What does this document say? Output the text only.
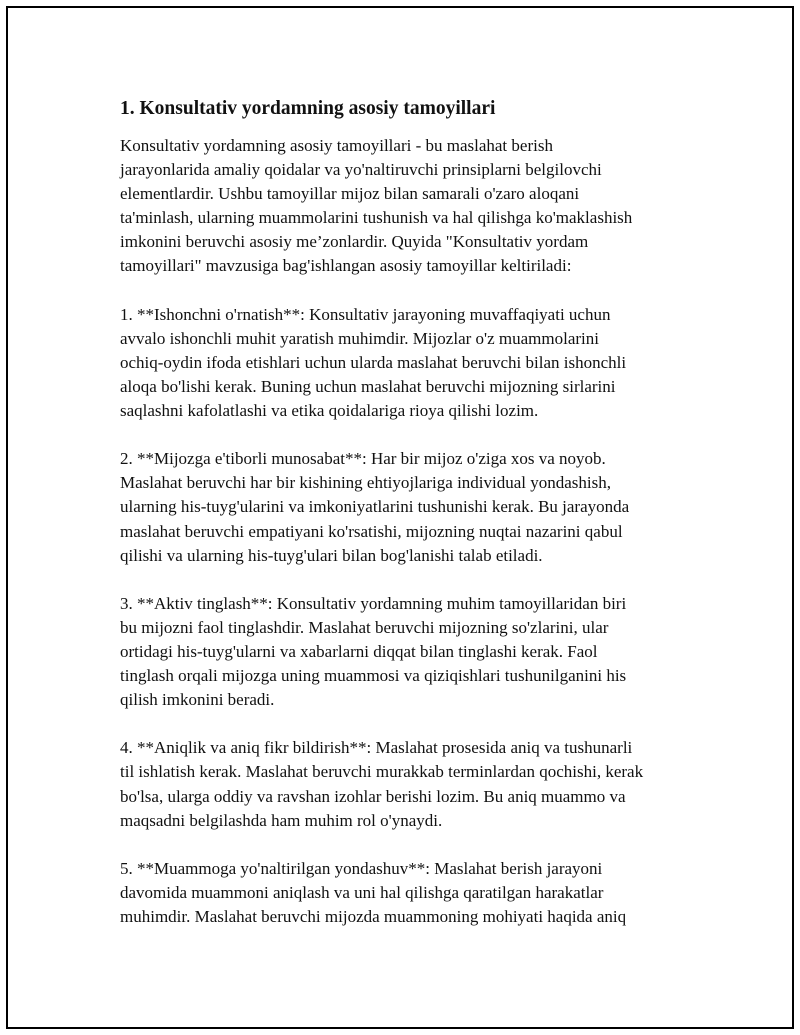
1. Konsultativ yordamning asosiy tamoyillari
Konsultativ yordamning asosiy tamoyillari - bu maslahat berish
jarayonlarida amaliy qoidalar va yo'naltiruvchi prinsiplarni belgilovchi
elementlardir. Ushbu tamoyillar mijoz bilan samarali o'zaro aloqani
ta'minlash, ularning muammolarini tushunish va hal qilishga ko'maklashish
imkonini beruvchi asosiy me’zonlardir. Quyida "Konsultativ yordam
tamoyillari" mavzusiga bag'ishlangan asosiy tamoyillar keltiriladi:
1. **Ishonchni o'rnatish**: Konsultativ jarayoning muvaffaqiyati uchun
avvalo ishonchli muhit yaratish muhimdir. Mijozlar o'z muammolarini
ochiq-oydin ifoda etishlari uchun ularda maslahat beruvchi bilan ishonchli
aloqa bo'lishi kerak. Buning uchun maslahat beruvchi mijozning sirlarini
saqlashni kafolatlashi va etika qoidalariga rioya qilishi lozim.
2. **Mijozga e'tiborli munosabat**: Har bir mijoz o'ziga xos va noyob.
Maslahat beruvchi har bir kishining ehtiyojlariga individual yondashish,
ularning his-tuyg'ularini va imkoniyatlarini tushunishi kerak. Bu jarayonda
maslahat beruvchi empatiyani ko'rsatishi, mijozning nuqtai nazarini qabul
qilishi va ularning his-tuyg'ulari bilan bog'lanishi talab etiladi.
3. **Aktiv tinglash**: Konsultativ yordamning muhim tamoyillaridan biri
bu mijozni faol tinglashdir. Maslahat beruvchi mijozning so'zlarini, ular
ortidagi his-tuyg'ularni va xabarlarni diqqat bilan tinglashi kerak. Faol
tinglash orqali mijozga uning muammosi va qiziqishlari tushunilganini his
qilish imkonini beradi.
4. **Aniqlik va aniq fikr bildirish**: Maslahat prosesida aniq va tushunarli
til ishlatish kerak. Maslahat beruvchi murakkab terminlardan qochishi, kerak
bo'lsa, ularga oddiy va ravshan izohlar berishi lozim. Bu aniq muammo va
maqsadni belgilashda ham muhim rol o'ynaydi.
5. **Muammoga yo'naltirilgan yondashuv**: Maslahat berish jarayoni
davomida muammoni aniqlash va uni hal qilishga qaratilgan harakatlar
muhimdir. Maslahat beruvchi mijozda muammoning mohiyati haqida aniq
